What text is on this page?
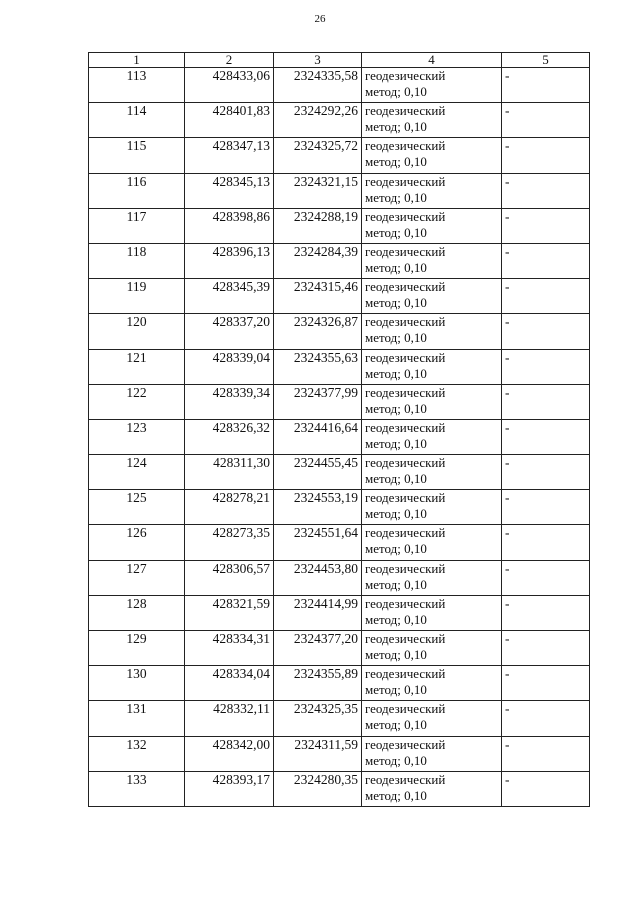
26
1	2	3	4	5
113	428433,06	2324335,58	геодезический
метод; 0,10	-
114	428401,83	2324292,26	геодезический
метод; 0,10	-
115	428347,13	2324325,72	геодезический
метод; 0,10	-
116	428345,13	2324321,15	геодезический
метод; 0,10	-
117	428398,86	2324288,19	геодезический
метод; 0,10	-
118	428396,13	2324284,39	геодезический
метод; 0,10	-
119	428345,39	2324315,46	геодезический
метод; 0,10	-
120	428337,20	2324326,87	геодезический
метод; 0,10	-
121	428339,04	2324355,63	геодезический
метод; 0,10	-
122	428339,34	2324377,99	геодезический
метод; 0,10	-
123	428326,32	2324416,64	геодезический
метод; 0,10	-
124	428311,30	2324455,45	геодезический
метод; 0,10	-
125	428278,21	2324553,19	геодезический
метод; 0,10	-
126	428273,35	2324551,64	геодезический
метод; 0,10	-
127	428306,57	2324453,80	геодезический
метод; 0,10	-
128	428321,59	2324414,99	геодезический
метод; 0,10	-
129	428334,31	2324377,20	геодезический
метод; 0,10	-
130	428334,04	2324355,89	геодезический
метод; 0,10	-
131	428332,11	2324325,35	геодезический
метод; 0,10	-
132	428342,00	2324311,59	геодезический
метод; 0,10	-
133	428393,17	2324280,35	геодезический
метод; 0,10	-
